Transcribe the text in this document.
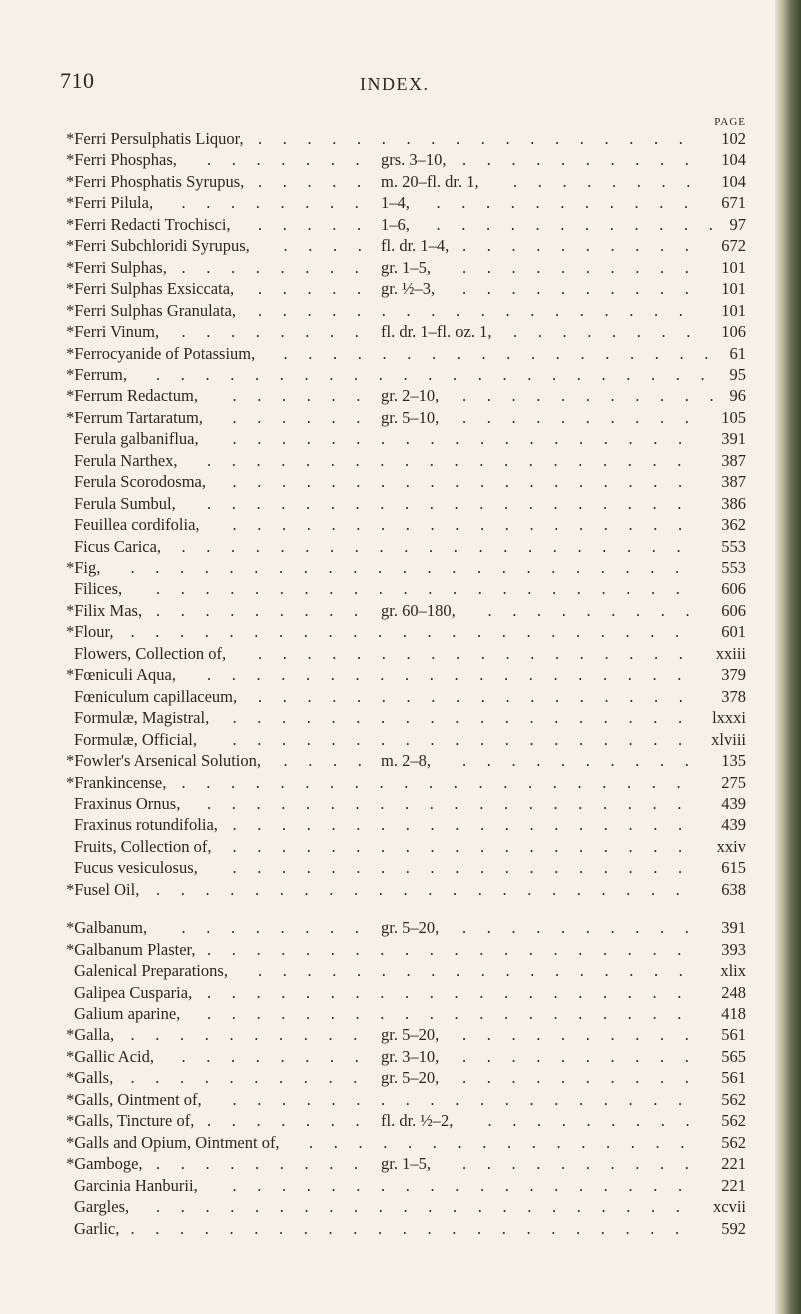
710	INDEX.
PAGE
*Ferri Persulphatis Liquor,	102
.   .   .   .   .   .   .   .   .   .   .   .   .   .   .   .   .   .
*Ferri Phosphas,	grs. 3–10,	104
.   .   .   .   .   .   .	.   .   .   .   .   .   .   .   .   .
*Ferri Phosphatis Syrupus,	m. 20–fl. dr. 1,	104
.   .   .   .   .	.   .   .   .   .   .   .   .
*Ferri Pilula,	1–4,	671
.   .   .   .   .   .   .   .	.   .   .   .   .   .   .   .   .   .   .
*Ferri Redacti Trochisci,	1–6,	97
.   .   .   .   .	.   .   .   .   .   .   .   .   .   .   .   .
*Ferri Subchloridi Syrupus,	fl. dr. 1–4,	672
.   .   .   .	.   .   .   .   .   .   .   .   .   .
*Ferri Sulphas,	gr. 1–5,	101
.   .   .   .   .   .   .   .	.   .   .   .   .   .   .   .   .   .
*Ferri Sulphas Exsiccata,	gr. ½–3,	101
.   .   .   .   .	.   .   .   .   .   .   .   .   .   .
*Ferri Sulphas Granulata,	101
.   .   .   .   .   .   .   .   .   .   .   .   .   .   .   .   .   .
*Ferri Vinum,	fl. dr. 1–fl. oz. 1,	106
.   .   .   .   .   .   .   .	.   .   .   .   .   .   .   .
*Ferrocyanide of Potassium,	61
.   .   .   .   .   .   .   .   .   .   .   .   .   .   .   .   .   .
*Ferrum,	95
.   .   .   .   .   .   .   .   .   .   .   .   .   .   .   .   .   .   .   .   .   .   .
*Ferrum Redactum,	gr. 2–10,	96
.   .   .   .   .   .	.   .   .   .   .   .   .   .   .   .   .
*Ferrum Tartaratum,	gr. 5–10,	105
.   .   .   .   .   .	.   .   .   .   .   .   .   .   .   .
Ferula galbaniflua,	391
.   .   .   .   .   .   .   .   .   .   .   .   .   .   .   .   .   .   .
Ferula Narthex,	387
.   .   .   .   .   .   .   .   .   .   .   .   .   .   .   .   .   .   .   .
Ferula Scorodosma,	387
.   .   .   .   .   .   .   .   .   .   .   .   .   .   .   .   .   .   .
Ferula Sumbul,	386
.   .   .   .   .   .   .   .   .   .   .   .   .   .   .   .   .   .   .   .
Feuillea cordifolia,	362
.   .   .   .   .   .   .   .   .   .   .   .   .   .   .   .   .   .   .
Ficus Carica,	553
.   .   .   .   .   .   .   .   .   .   .   .   .   .   .   .   .   .   .   .   .
*Fig,	553
.   .   .   .   .   .   .   .   .   .   .   .   .   .   .   .   .   .   .   .   .   .   .
Filices,	606
.   .   .   .   .   .   .   .   .   .   .   .   .   .   .   .   .   .   .   .   .   .
*Filix Mas,	gr. 60–180,	606
.   .   .   .   .   .   .   .   .	.   .   .   .   .   .   .   .   .
*Flour,	601
.   .   .   .   .   .   .   .   .   .   .   .   .   .   .   .   .   .   .   .   .   .   .
Flowers, Collection of,	xxiii
.   .   .   .   .   .   .   .   .   .   .   .   .   .   .   .   .   .
*Fœniculi Aqua,	379
.   .   .   .   .   .   .   .   .   .   .   .   .   .   .   .   .   .   .   .
Fœniculum capillaceum,	378
.   .   .   .   .   .   .   .   .   .   .   .   .   .   .   .   .   .
Formulæ, Magistral,	lxxxi
.   .   .   .   .   .   .   .   .   .   .   .   .   .   .   .   .   .   .
Formulæ, Official,	xlviii
.   .   .   .   .   .   .   .   .   .   .   .   .   .   .   .   .   .   .
*Fowler's Arsenical Solution,	m. 2–8,	135
.   .   .   .	.   .   .   .   .   .   .   .   .   .
*Frankincense,	275
.   .   .   .   .   .   .   .   .   .   .   .   .   .   .   .   .   .   .   .   .
Fraxinus Ornus,	439
.   .   .   .   .   .   .   .   .   .   .   .   .   .   .   .   .   .   .   .
Fraxinus rotundifolia,	439
.   .   .   .   .   .   .   .   .   .   .   .   .   .   .   .   .   .   .
Fruits, Collection of,	xxiv
.   .   .   .   .   .   .   .   .   .   .   .   .   .   .   .   .   .   .
Fucus vesiculosus,	615
.   .   .   .   .   .   .   .   .   .   .   .   .   .   .   .   .   .   .
*Fusel Oil,	638
.   .   .   .   .   .   .   .   .   .   .   .   .   .   .   .   .   .   .   .   .   .
*Galbanum,	gr. 5–20,	391
.   .   .   .   .   .   .   .	.   .   .   .   .   .   .   .   .   .
*Galbanum Plaster,	393
.   .   .   .   .   .   .   .   .   .   .   .   .   .   .   .   .   .   .   .
Galenical Preparations,	xlix
.   .   .   .   .   .   .   .   .   .   .   .   .   .   .   .   .   .
Galipea Cusparia,	248
.   .   .   .   .   .   .   .   .   .   .   .   .   .   .   .   .   .   .   .
Galium aparine,	418
.   .   .   .   .   .   .   .   .   .   .   .   .   .   .   .   .   .   .   .
*Galla,	gr. 5–20,	561
.   .   .   .   .   .   .   .   .   .	.   .   .   .   .   .   .   .   .   .
*Gallic Acid,	gr. 3–10,	565
.   .   .   .   .   .   .   .	.   .   .   .   .   .   .   .   .   .
*Galls,	gr. 5–20,	561
.   .   .   .   .   .   .   .   .   .	.   .   .   .   .   .   .   .   .   .
*Galls, Ointment of,	562
.   .   .   .   .   .   .   .   .   .   .   .   .   .   .   .   .   .   .
*Galls, Tincture of,	fl. dr. ½–2,	562
.   .   .   .   .   .   .	.   .   .   .   .   .   .   .   .
*Galls and Opium, Ointment of,	562
.   .   .   .   .   .   .   .   .   .   .   .   .   .   .   .
*Gamboge,	gr. 1–5,	221
.   .   .   .   .   .   .   .   .	.   .   .   .   .   .   .   .   .   .
Garcinia Hanburii,	221
.   .   .   .   .   .   .   .   .   .   .   .   .   .   .   .   .   .   .
Gargles,	xcvii
.   .   .   .   .   .   .   .   .   .   .   .   .   .   .   .   .   .   .   .   .   .
Garlic,	592
.   .   .   .   .   .   .   .   .   .   .   .   .   .   .   .   .   .   .   .   .   .   .
